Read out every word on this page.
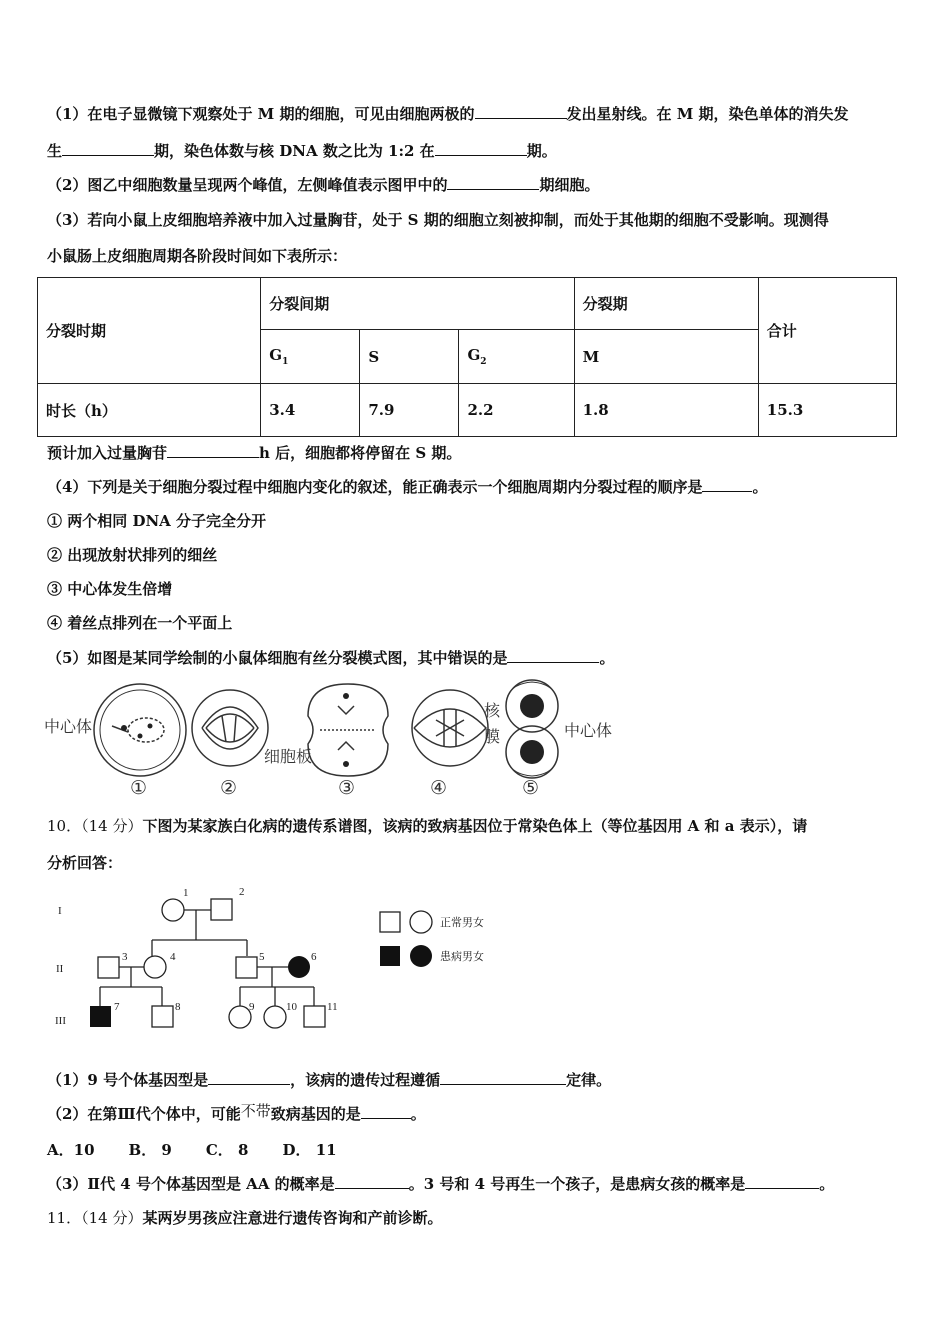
（1）在电子显微镜下观察处于 M 期的细胞，可见由细胞两极的	发出星射线。在 M 期，染色单体的消失发
生	期，染色体数与核 DNA 数之比为 1:2 在	期。
（2）图乙中细胞数量呈现两个峰值，左侧峰值表示图甲中的	期细胞。
（3）若向小鼠上皮细胞培养液中加入过量胸苷，处于 S 期的细胞立刻被抑制，而处于其他期的细胞不受影响。现测得
小鼠肠上皮细胞周期各阶段时间如下表所示：
分裂时期	分裂间期			分裂期	合计
	$G_1$	S	$G_2$	M	
时长（h）	3.4	7.9	2.2	1.8	15.3
预计加入过量胸苷	h 后，细胞都将停留在 S 期。
（4）下列是关于细胞分裂过程中细胞内变化的叙述，能正确表示一个细胞周期内分裂过程的顺序是	。
① 两个相同 DNA 分子完全分开
② 出现放射状排列的细丝
③ 中心体发生倍增
④ 着丝点排列在一个平面上
（5）如图是某同学绘制的小鼠体细胞有丝分裂模式图，其中错误的是	。
中心体
细胞板
核
膜	中心体
①	②	③	④	⑤
10．（14 分）下图为某家族白化病的遗传系谱图，该病的致病基因位于常染色体上（等位基因用 A 和 a 表示），请
分析回答：
I
II
III
1	2
3	4	5	6
7	8	9	10	11
正常男女
患病男女
（1）9 号个体基因型是	，该病的遗传过程遵循	定律。
（2）在第Ⅲ代个体中，可能不带致病基因的是	。
A．10 B． 9 C． 8 D． 11
（3）Ⅱ代 4 号个体基因型是 AA 的概率是	。3 号和 4 号再生一个孩子，是患病女孩的概率是	。
11．（14 分）某两岁男孩应注意进行遗传咨询和产前诊断。
